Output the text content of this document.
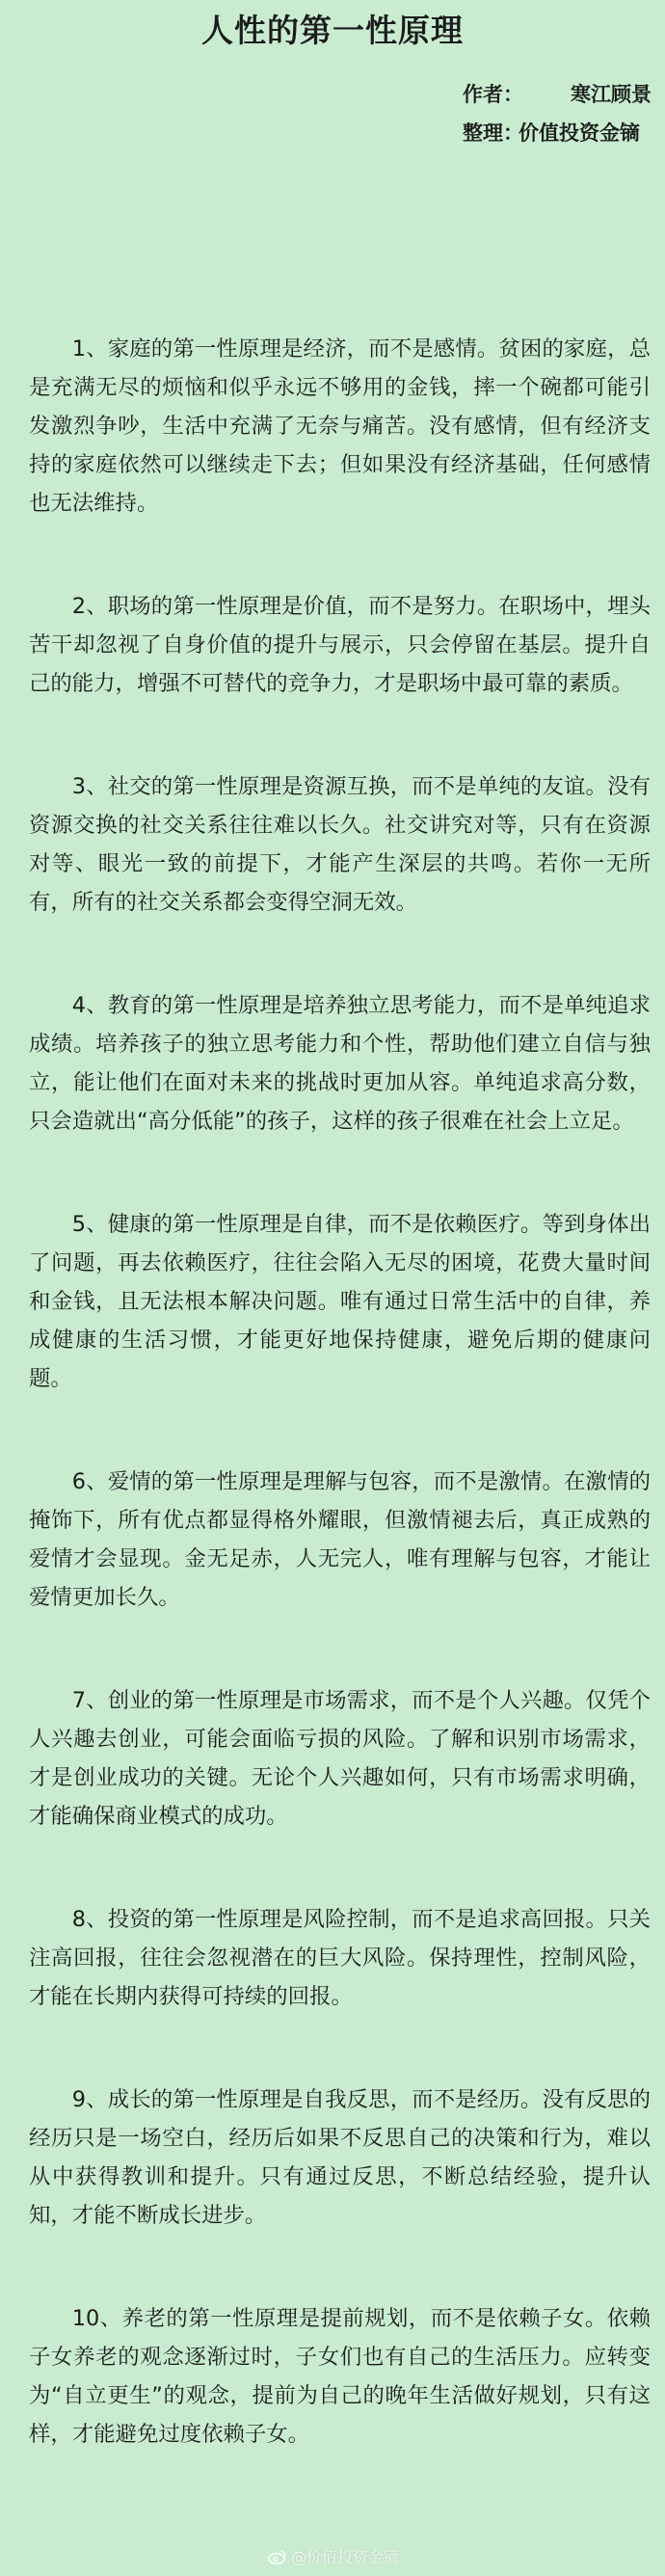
人性的第一性原理
作者： 寒江顾景
整理：
价值投资金镝

1、家庭的第一性原理是经济，而不是感情。贫困的家庭，总是充满无尽的烦恼和似乎永远不够用的金钱，摔一个碗都可能引发激烈争吵，生活中充满了无奈与痛苦。没有感情，但有经济支持的家庭依然可以继续走下去；但如果没有经济基础，任何感情也无法维持。

2、职场的第一性原理是价值，而不是努力。在职场中，埋头苦干却忽视了自身价值的提升与展示，只会停留在基层。提升自己的能力，增强不可替代的竞争力，才是职场中最可靠的素质。

3、社交的第一性原理是资源互换，而不是单纯的友谊。没有资源交换的社交关系往往难以长久。社交讲究对等，只有在资源对等、眼光一致的前提下，才能产生深层的共鸣。若你一无所有，所有的社交关系都会变得空洞无效。

4、教育的第一性原理是培养独立思考能力，而不是单纯追求成绩。培养孩子的独立思考能力和个性，帮助他们建立自信与独立，能让他们在面对未来的挑战时更加从容。单纯追求高分数，只会造就出“高分低能”的孩子，这样的孩子很难在社会上立足。

5、健康的第一性原理是自律，而不是依赖医疗。等到身体出了问题，再去依赖医疗，往往会陷入无尽的困境，花费大量时间和金钱，且无法根本解决问题。唯有通过日常生活中的自律，养成健康的生活习惯，才能更好地保持健康，避免后期的健康问题。

6、爱情的第一性原理是理解与包容，而不是激情。在激情的掩饰下，所有优点都显得格外耀眼，但激情褪去后，真正成熟的爱情才会显现。金无足赤，人无完人，唯有理解与包容，才能让爱情更加长久。

7、创业的第一性原理是市场需求，而不是个人兴趣。仅凭个人兴趣去创业，可能会面临亏损的风险。了解和识别市场需求，才是创业成功的关键。无论个人兴趣如何，只有市场需求明确，才能确保商业模式的成功。

8、投资的第一性原理是风险控制，而不是追求高回报。只关注高回报，往往会忽视潜在的巨大风险。保持理性，控制风险，才能在长期内获得可持续的回报。

9、成长的第一性原理是自我反思，而不是经历。没有反思的经历只是一场空白，经历后如果不反思自己的决策和行为，难以从中获得教训和提升。只有通过反思，不断总结经验，提升认知，才能不断成长进步。

10、养老的第一性原理是提前规划，而不是依赖子女。依赖子女养老的观念逐渐过时，子女们也有自己的生活压力。应转变为“自立更生”的观念，提前为自己的晚年生活做好规划，只有这样，才能避免过度依赖子女。

@价值投资金镝
